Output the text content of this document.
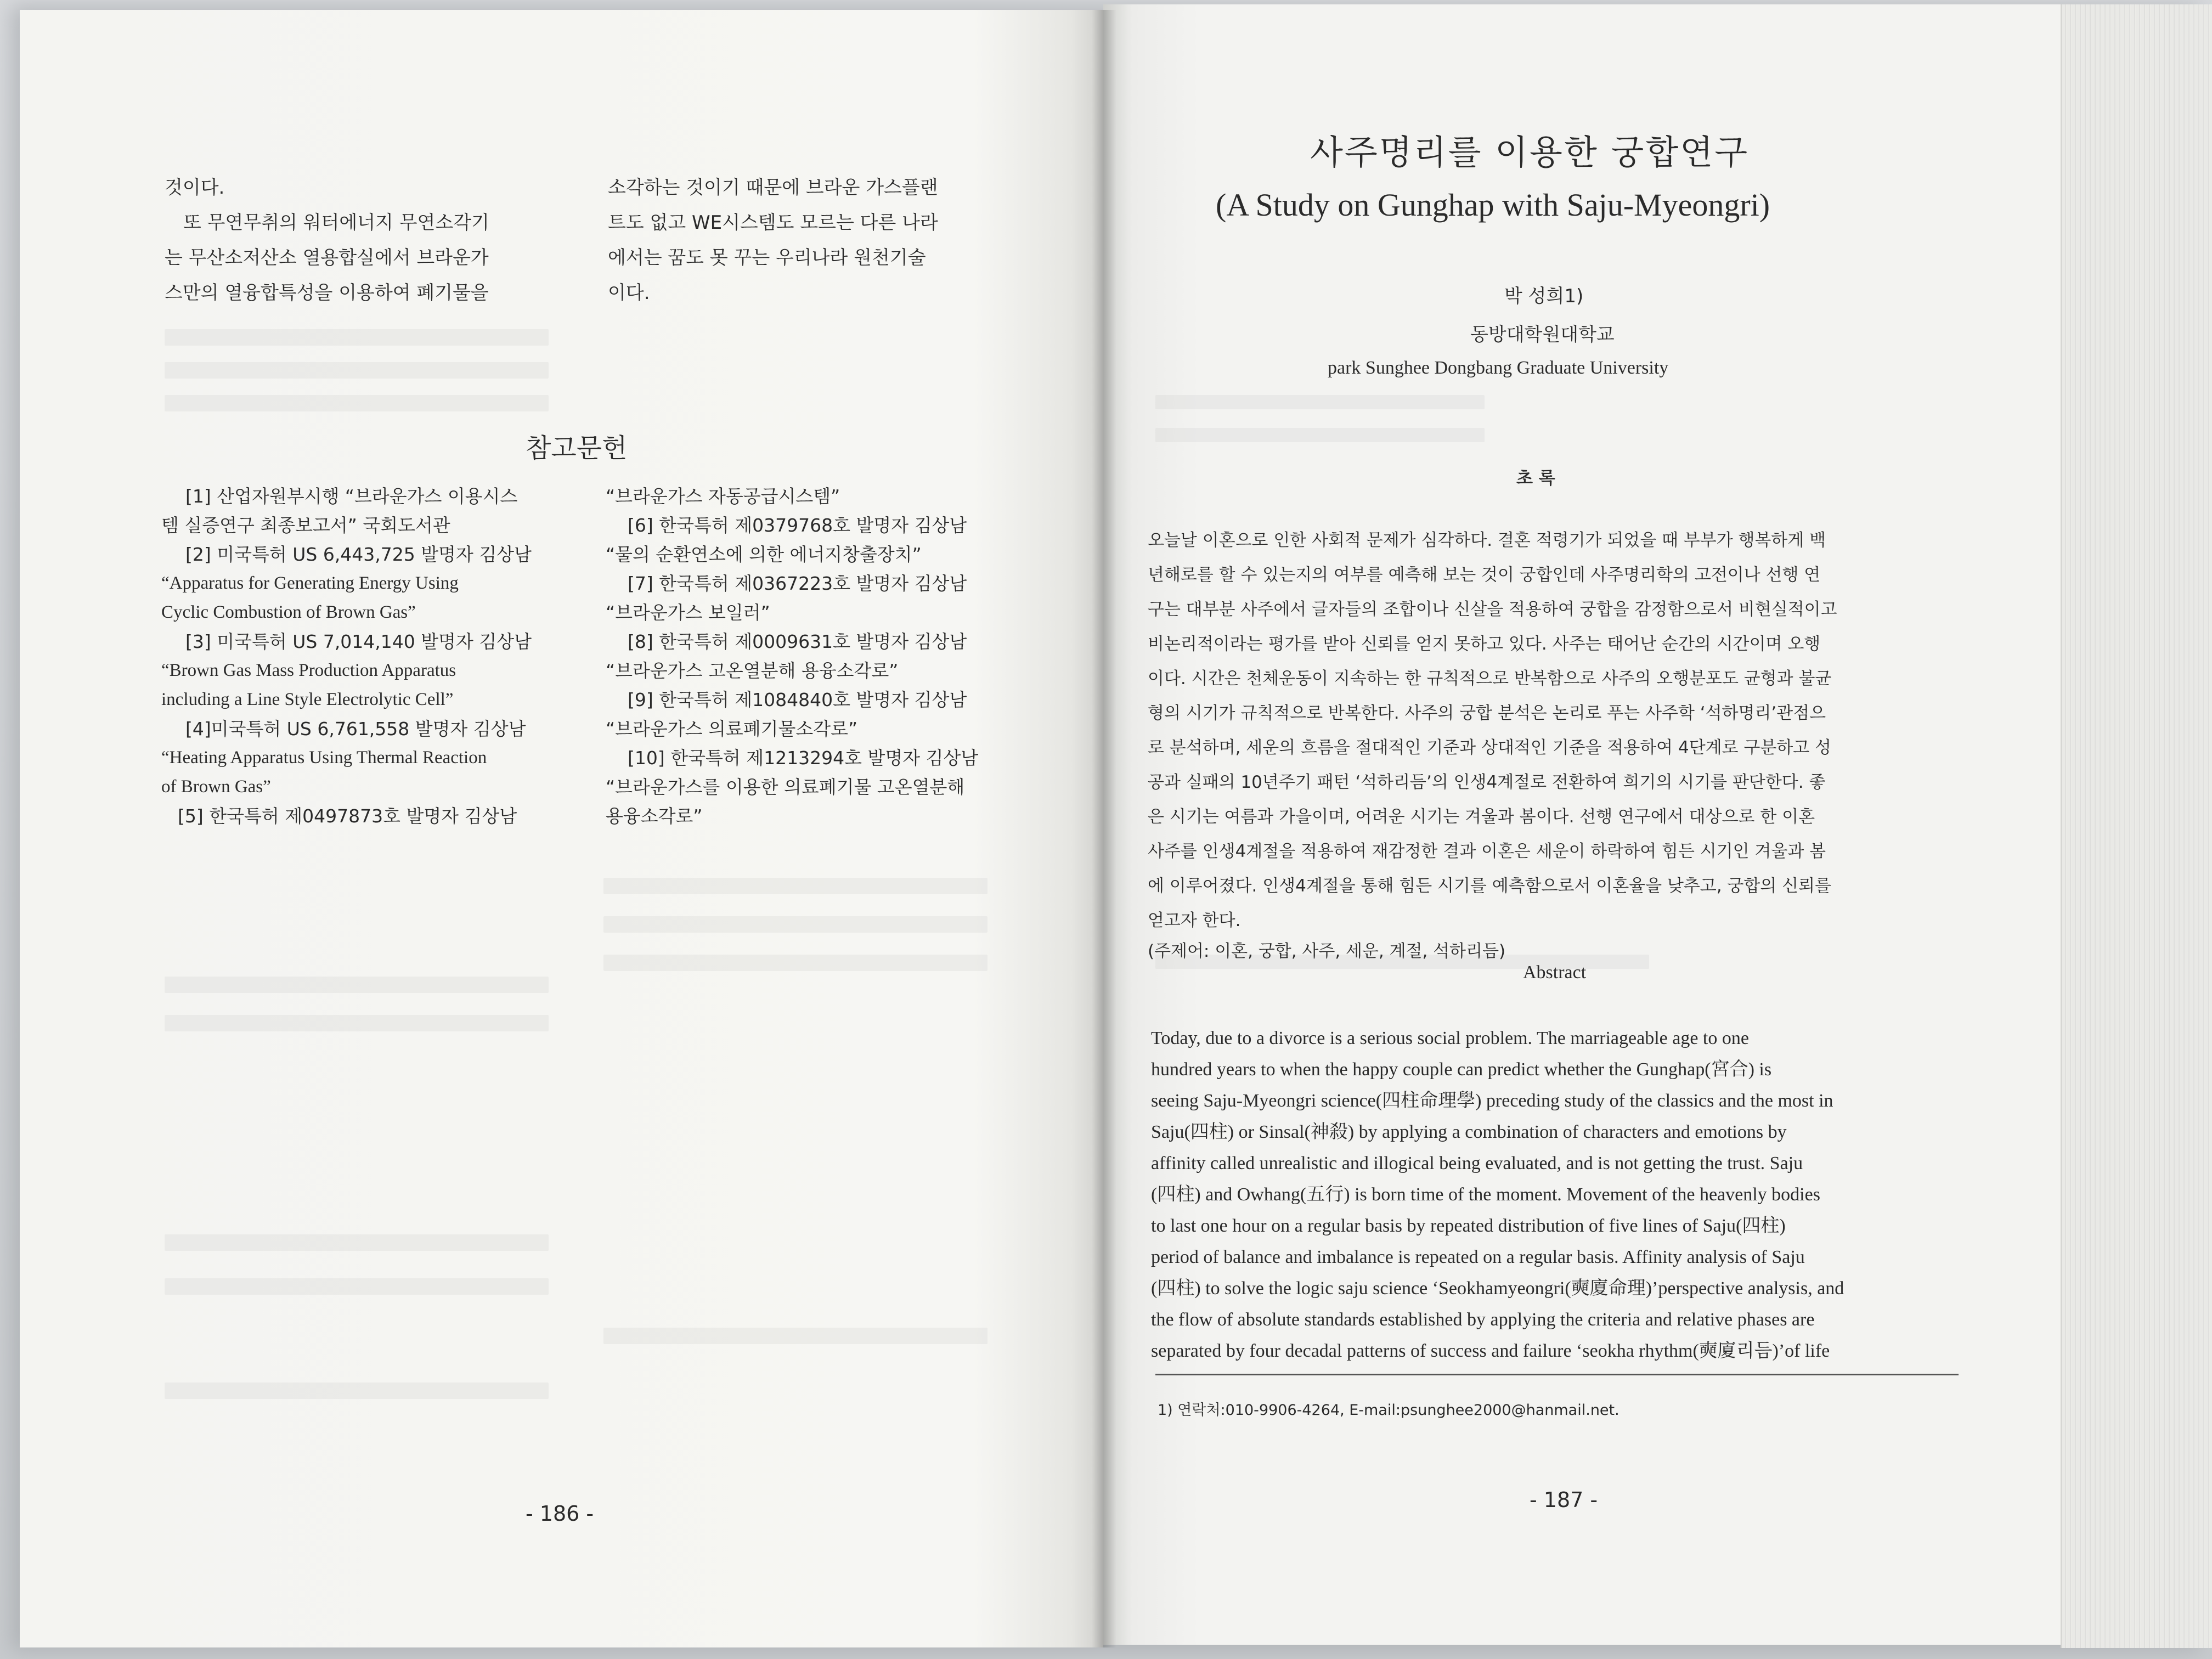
것이다.
또 무연무취의 워터에너지 무연소각기
는 무산소저산소 열용합실에서 브라운가
스만의 열융합특성을 이용하여 폐기물을
소각하는 것이기 때문에 브라운 가스플랜
트도 없고 WE시스템도 모르는 다른 나라
에서는 꿈도 못 꾸는 우리나라 원천기술
이다.
참고문헌
[1] 산업자원부시행 “브라운가스 이용시스
템 실증연구 최종보고서” 국회도서관
[2] 미국특허 US 6,443,725 발명자 김상남
“Apparatus for Generating Energy Using
Cyclic Combustion of Brown Gas”
[3] 미국특허 US 7,014,140 발명자 김상남
“Brown Gas Mass Production Apparatus
including a Line Style Electrolytic Cell”
[4]미국특허 US 6,761,558 발명자 김상남
“Heating Apparatus Using Thermal Reaction
of Brown Gas”
[5] 한국특허 제0497873호 발명자 김상남
“브라운가스 자동공급시스템”
[6] 한국특허 제0379768호 발명자 김상남
“물의 순환연소에 의한 에너지창출장치”
[7] 한국특허 제0367223호 발명자 김상남
“브라운가스 보일러”
[8] 한국특허 제0009631호 발명자 김상남
“브라운가스 고온열분해 용융소각로”
[9] 한국특허 제1084840호 발명자 김상남
“브라운가스 의료폐기물소각로”
[10] 한국특허 제1213294호 발명자 김상남
“브라운가스를 이용한 의료폐기물 고온열분해
용융소각로”
- 186 -
사주명리를 이용한 궁합연구
(A Study on Gunghap with Saju-Myeongri)
박 성희1)
동방대학원대학교
park Sunghee Dongbang Graduate University
초 록
오늘날 이혼으로 인한 사회적 문제가 심각하다. 결혼 적령기가 되었을 때 부부가 행복하게 백
년해로를 할 수 있는지의 여부를 예측해 보는 것이 궁합인데 사주명리학의 고전이나 선행 연
구는 대부분 사주에서 글자들의 조합이나 신살을 적용하여 궁합을 감정함으로서 비현실적이고
비논리적이라는 평가를 받아 신뢰를 얻지 못하고 있다. 사주는 태어난 순간의 시간이며 오행
이다. 시간은 천체운동이 지속하는 한 규칙적으로 반복함으로 사주의 오행분포도 균형과 불균
형의 시기가 규칙적으로 반복한다. 사주의 궁합 분석은 논리로 푸는 사주학 ‘석하명리’관점으
로 분석하며, 세운의 흐름을 절대적인 기준과 상대적인 기준을 적용하여 4단계로 구분하고 성
공과 실패의 10년주기 패턴 ‘석하리듬’의 인생4계절로 전환하여 희기의 시기를 판단한다. 좋
은 시기는 여름과 가을이며, 어려운 시기는 겨울과 봄이다. 선행 연구에서 대상으로 한 이혼
사주를 인생4계절을 적용하여 재감정한 결과 이혼은 세운이 하락하여 힘든 시기인 겨울과 봄
에 이루어졌다. 인생4계절을 통해 힘든 시기를 예측함으로서 이혼율을 낮추고, 궁합의 신뢰를
얻고자 한다.
(주제어: 이혼, 궁합, 사주, 세운, 계절, 석하리듬)
Abstract
Today, due to a divorce is a serious social problem. The marriageable age to one
hundred years to when the happy couple can predict whether the Gunghap(宮合) is
seeing Saju-Myeongri science(四柱命理學) preceding study of the classics and the most in
Saju(四柱) or Sinsal(神殺) by applying a combination of characters and emotions by
affinity called unrealistic and illogical being evaluated, and is not getting the trust. Saju
(四柱) and Owhang(五行) is born time of the moment. Movement of the heavenly bodies
to last one hour on a regular basis by repeated distribution of five lines of Saju(四柱)
period of balance and imbalance is repeated on a regular basis. Affinity analysis of Saju
(四柱) to solve the logic saju science ‘Seokhamyeongri(奭廈命理)’perspective analysis, and
the flow of absolute standards established by applying the criteria and relative phases are
separated by four decadal patterns of success and failure ‘seokha rhythm(奭廈리듬)’of life
1) 연락처:010-9906-4264, E-mail:psunghee2000@hanmail.net.
- 187 -
